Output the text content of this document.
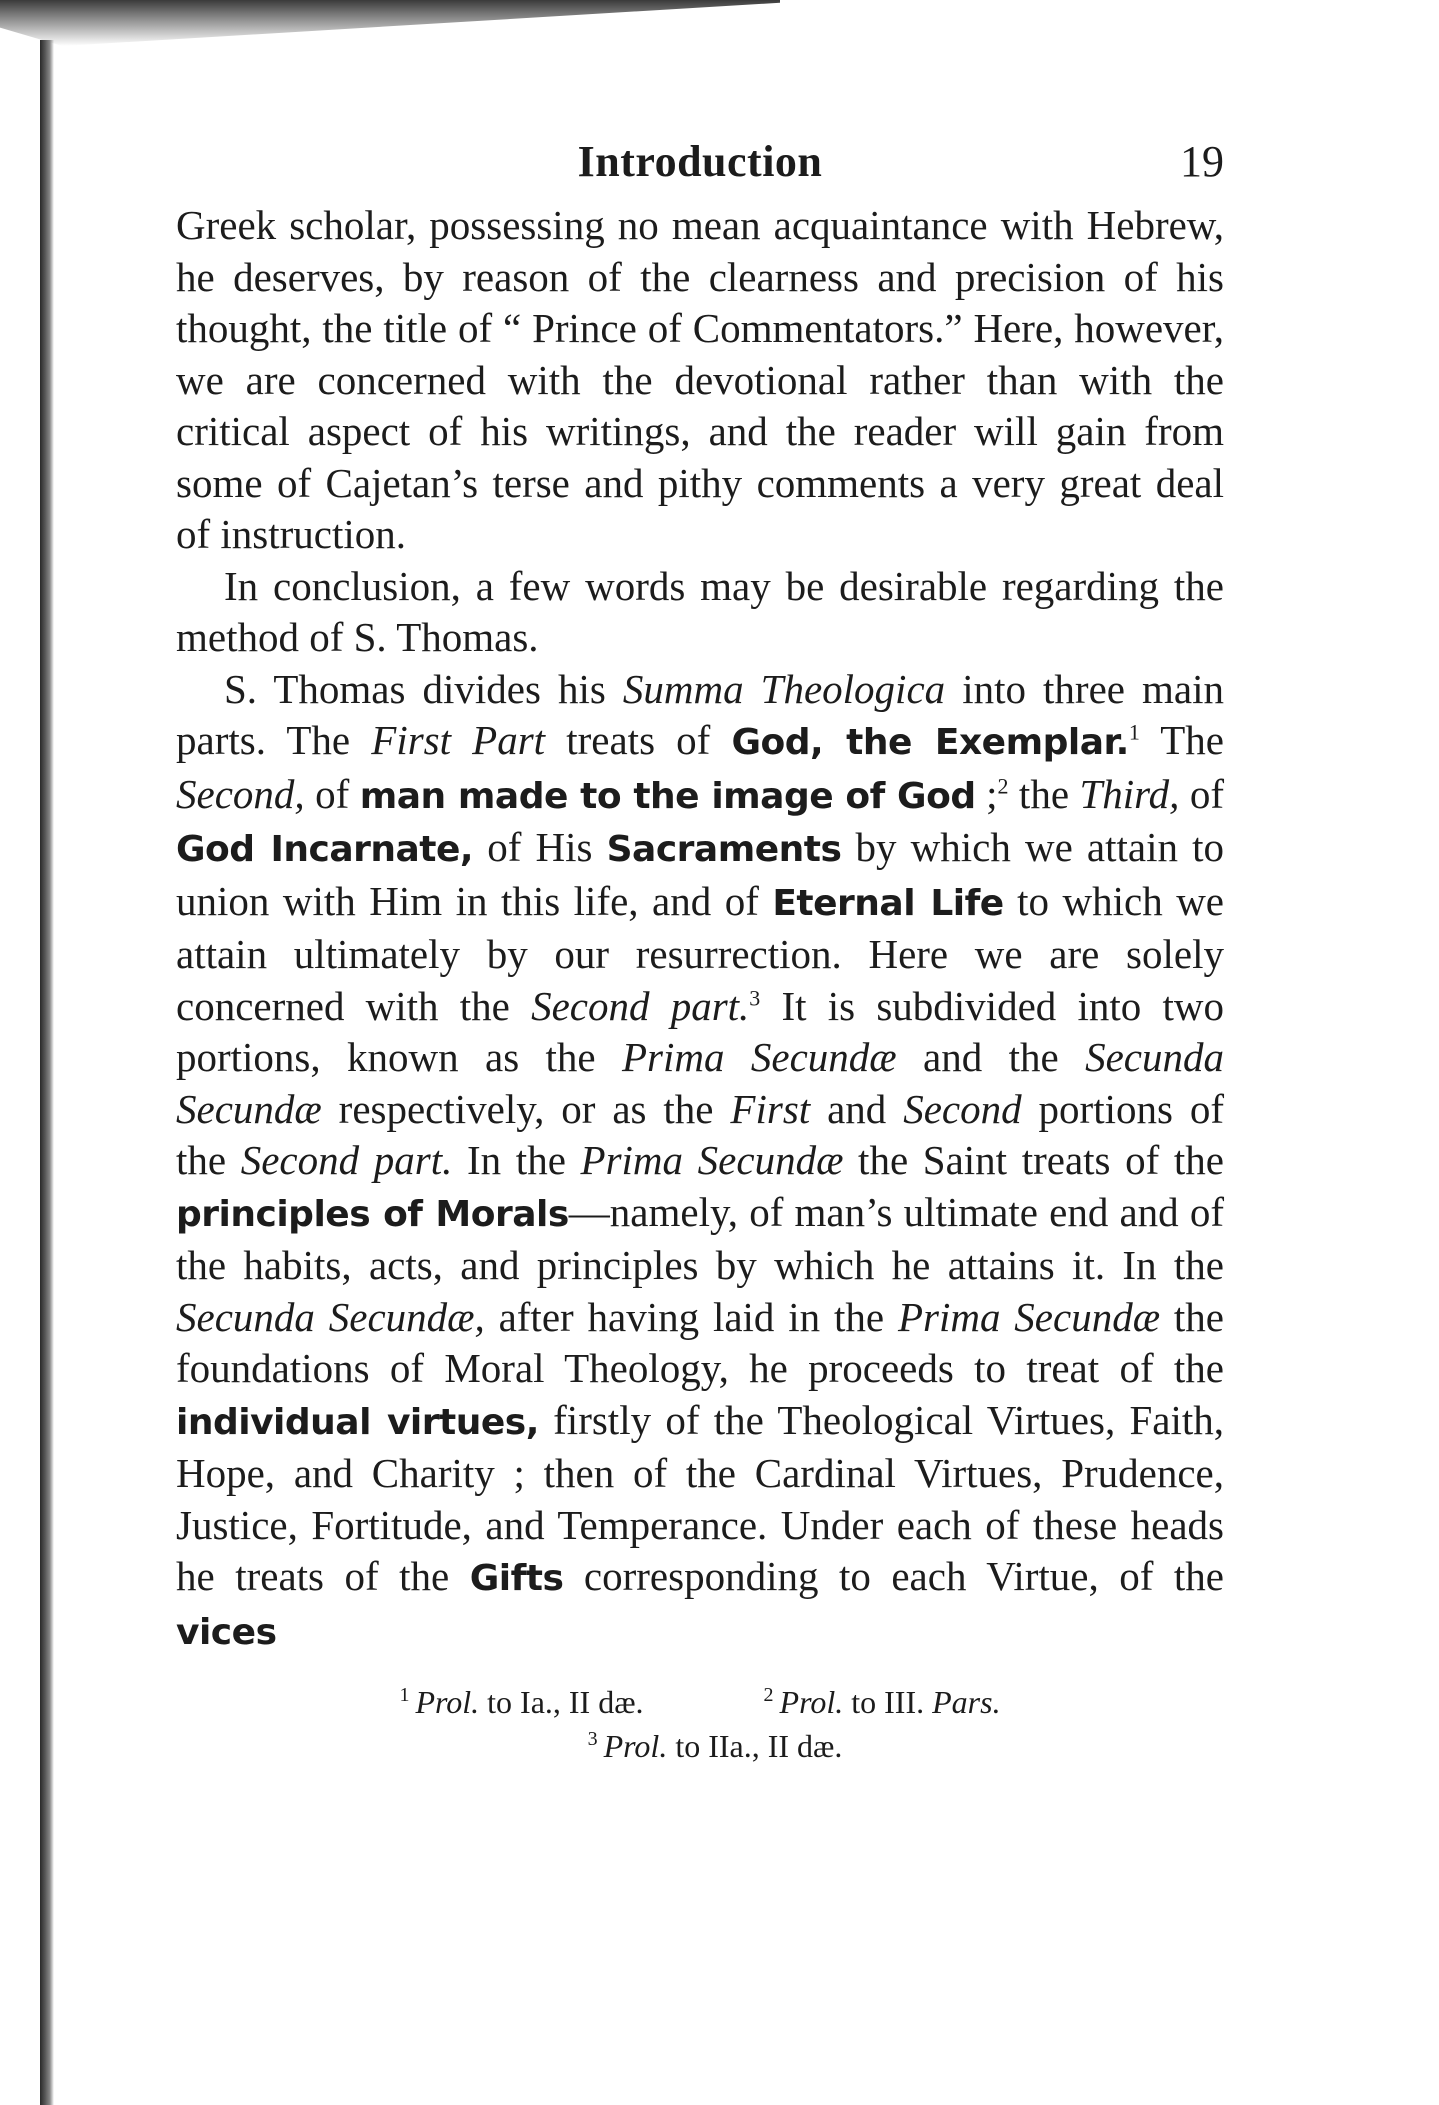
Introduction	19

Greek scholar, possessing no mean acquaintance with Hebrew, he deserves, by reason of the clearness and precision of his thought, the title of “ Prince of Commentators.” Here, however, we are concerned with the devotional rather than with the critical aspect of his writings, and the reader will gain from some of Cajetan’s terse and pithy comments a very great deal of instruction.

In conclusion, a few words may be desirable regarding the method of S. Thomas.

S. Thomas divides his Summa Theologica into three main parts. The First Part treats of God, the Exemplar.$^1$ The Second, of man made to the image of God ;$^2$ the Third, of God Incarnate, of His Sacraments by which we attain to union with Him in this life, and of Eternal Life to which we attain ultimately by our resurrection. Here we are solely concerned with the Second part.$^3$ It is subdivided into two portions, known as the Prima Secundæ and the Secunda Secundæ respectively, or as the First and Second portions of the Second part. In the Prima Secundæ the Saint treats of the principles of Morals—namely, of man’s ultimate end and of the habits, acts, and principles by which he attains it. In the Secunda Secundæ, after having laid in the Prima Secundæ the foundations of Moral Theology, he proceeds to treat of the individual virtues, firstly of the Theological Virtues, Faith, Hope, and Charity ; then of the Cardinal Virtues, Prudence, Justice, Fortitude, and Temperance. Under each of these heads he treats of the Gifts corresponding to each Virtue, of the vices

$^1$ Prol. to Ia., II dæ.	$^2$ Prol. to III. Pars.
$^3$ Prol. to IIa., II dæ.
